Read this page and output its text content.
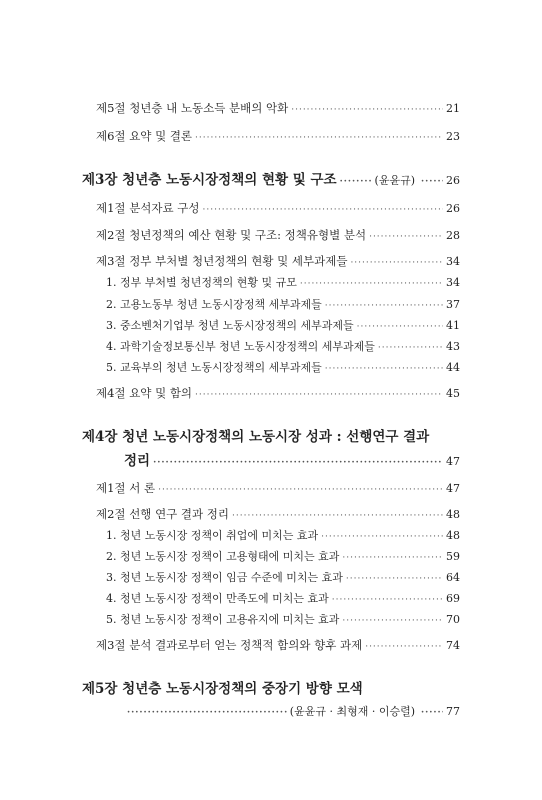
제5절 청년층 내 노동소득 분배의 악화 ·····	21
제6절 요약 및 결론 ·····	23
제3장 청년층 노동시장정책의 현황 및 구조 ·····	(윤윤규) ·····	26
제1절 분석자료 구성 ·····	26
제2절 청년정책의 예산 현황 및 구조: 정책유형별 분석 ·····	28
제3절 정부 부처별 청년정책의 현황 및 세부과제들 ·····	34
1. 정부 부처별 청년정책의 현황 및 규모 ·····	34
2. 고용노동부 청년 노동시장정책 세부과제들 ·····	37
3. 중소벤처기업부 청년 노동시장정책의 세부과제들 ·····	41
4. 과학기술정보통신부 청년 노동시장정책의 세부과제들 ·····	43
5. 교육부의 청년 노동시장정책의 세부과제들 ·····	44
제4절 요약 및 함의 ·····	45
제4장 청년 노동시장정책의 노동시장 성과 : 선행연구 결과
정리 ·····	47
제1절 서 론 ·····	47
제2절 선행 연구 결과 정리 ·····	48
1. 청년 노동시장 정책이 취업에 미치는 효과 ·····	48
2. 청년 노동시장 정책이 고용형태에 미치는 효과 ·····	59
3. 청년 노동시장 정책이 임금 수준에 미치는 효과 ·····	64
4. 청년 노동시장 정책이 만족도에 미치는 효과 ·····	69
5. 청년 노동시장 정책이 고용유지에 미치는 효과 ·····	70
제3절 분석 결과로부터 얻는 정책적 함의와 향후 과제 ·····	74
제5장 청년층 노동시장정책의 중장기 방향 모색
·····
(윤윤규 · 최형재 · 이승렬) ·····	77
